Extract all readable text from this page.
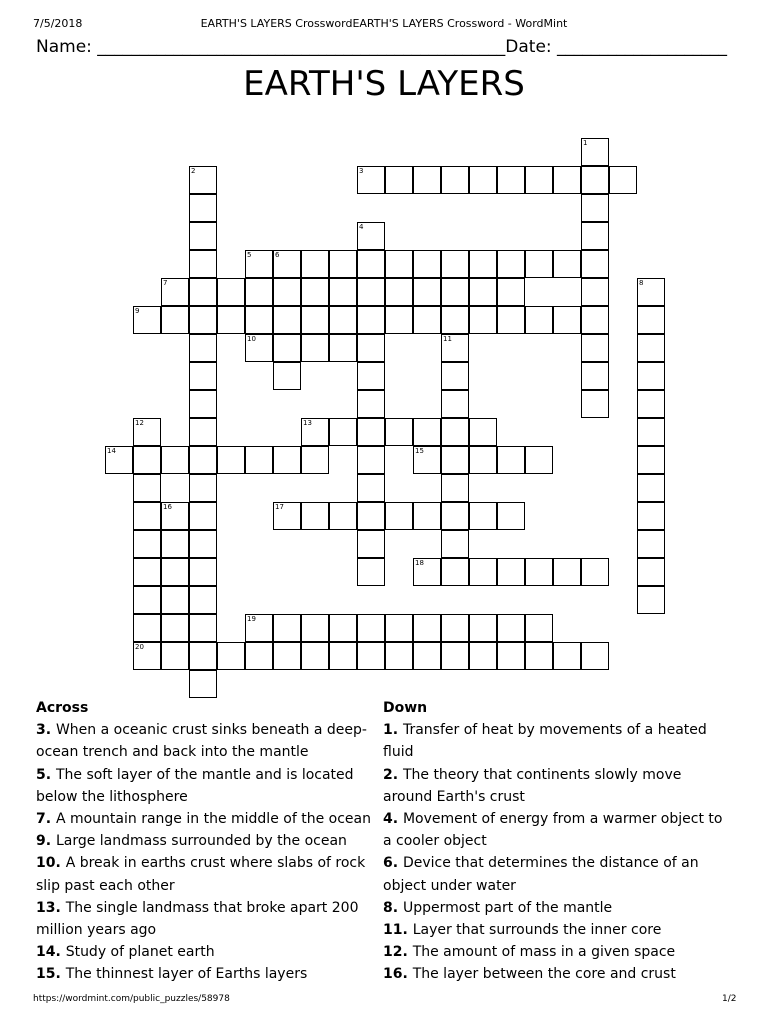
7/5/2018	EARTH'S LAYERS CrosswordEARTH'S LAYERS Crossword - WordMint
Name: ________________________________________________Date: ____________________
EARTH'S LAYERS
1
2	3
4
5	6
7	8
9
10	11
12	13
14	15
16	17
18
19
20
Across
3. When a oceanic crust sinks beneath a deep-ocean trench and back into the mantle
5. The soft layer of the mantle and is located below the lithosphere
7. A mountain range in the middle of the ocean
9. Large landmass surrounded by the ocean
10. A break in earths crust where slabs of rock slip past each other
13. The single landmass that broke apart 200 million years ago
14. Study of planet earth
15. The thinnest layer of Earths layers
Down
1. Transfer of heat by movements of a heated fluid
2. The theory that continents slowly move around Earth's crust
4. Movement of energy from a warmer object to a cooler object
6. Device that determines the distance of an object under water
8. Uppermost part of the mantle
11. Layer that surrounds the inner core
12. The amount of mass in a given space
16. The layer between the core and crust
https://wordmint.com/public_puzzles/58978	1/2
